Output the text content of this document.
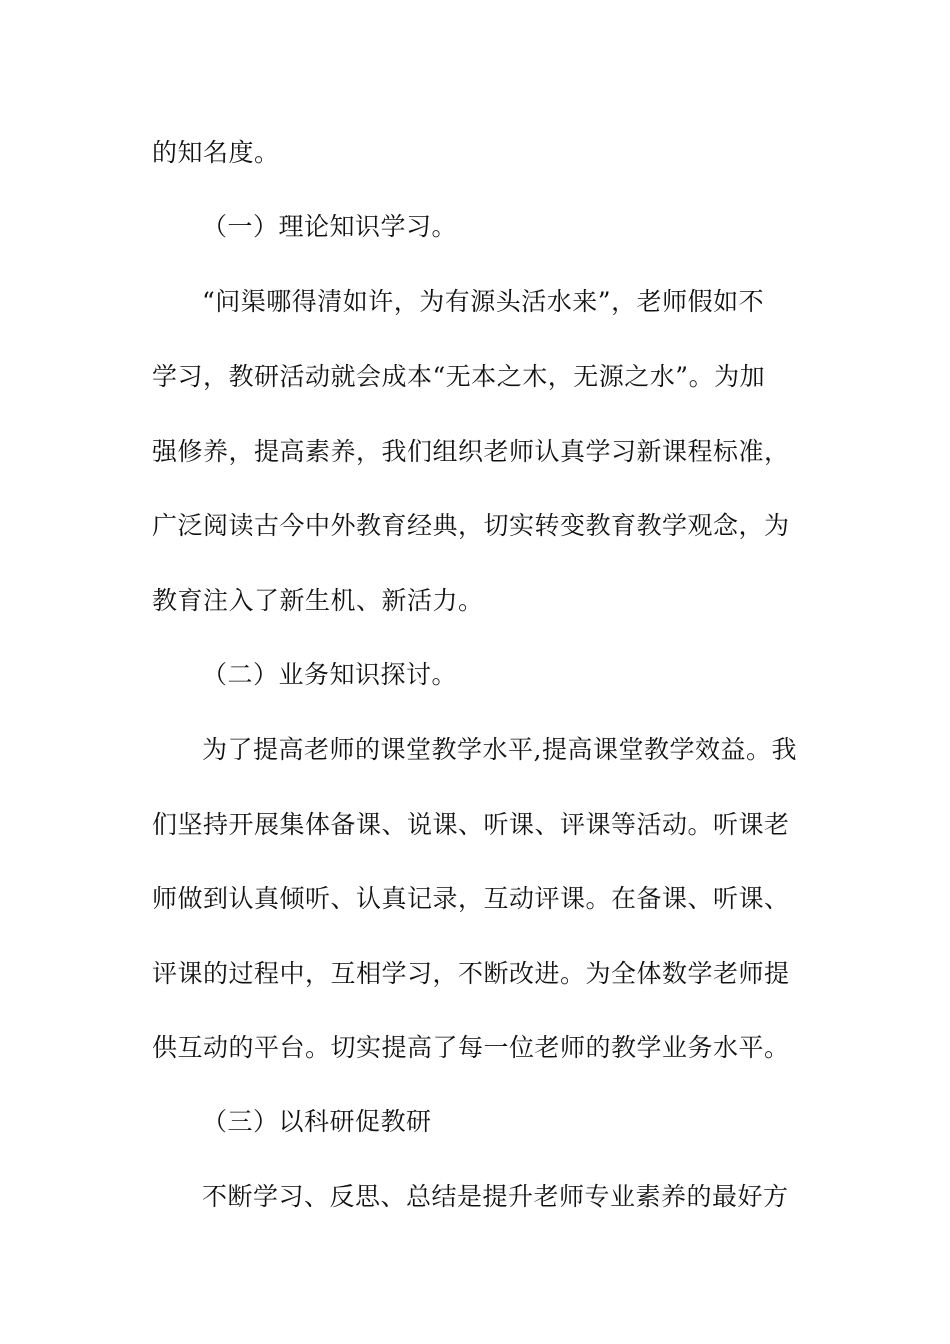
的知名度。
（一）理论知识学习。
“问渠哪得清如许，为有源头活水来”，老师假如不
学习，教研活动就会成本“无本之木，无源之水”。为加
强修养，提高素养，我们组织老师认真学习新课程标准，
广泛阅读古今中外教育经典，切实转变教育教学观念，为
教育注入了新生机、新活力。
（二）业务知识探讨。
为了提高老师的课堂教学水平,提高课堂教学效益。我
们坚持开展集体备课、说课、听课、评课等活动。听课老
师做到认真倾听、认真记录，互动评课。在备课、听课、
评课的过程中，互相学习，不断改进。为全体数学老师提
供互动的平台。切实提高了每一位老师的教学业务水平。
（三）以科研促教研
不断学习、反思、总结是提升老师专业素养的最好方
